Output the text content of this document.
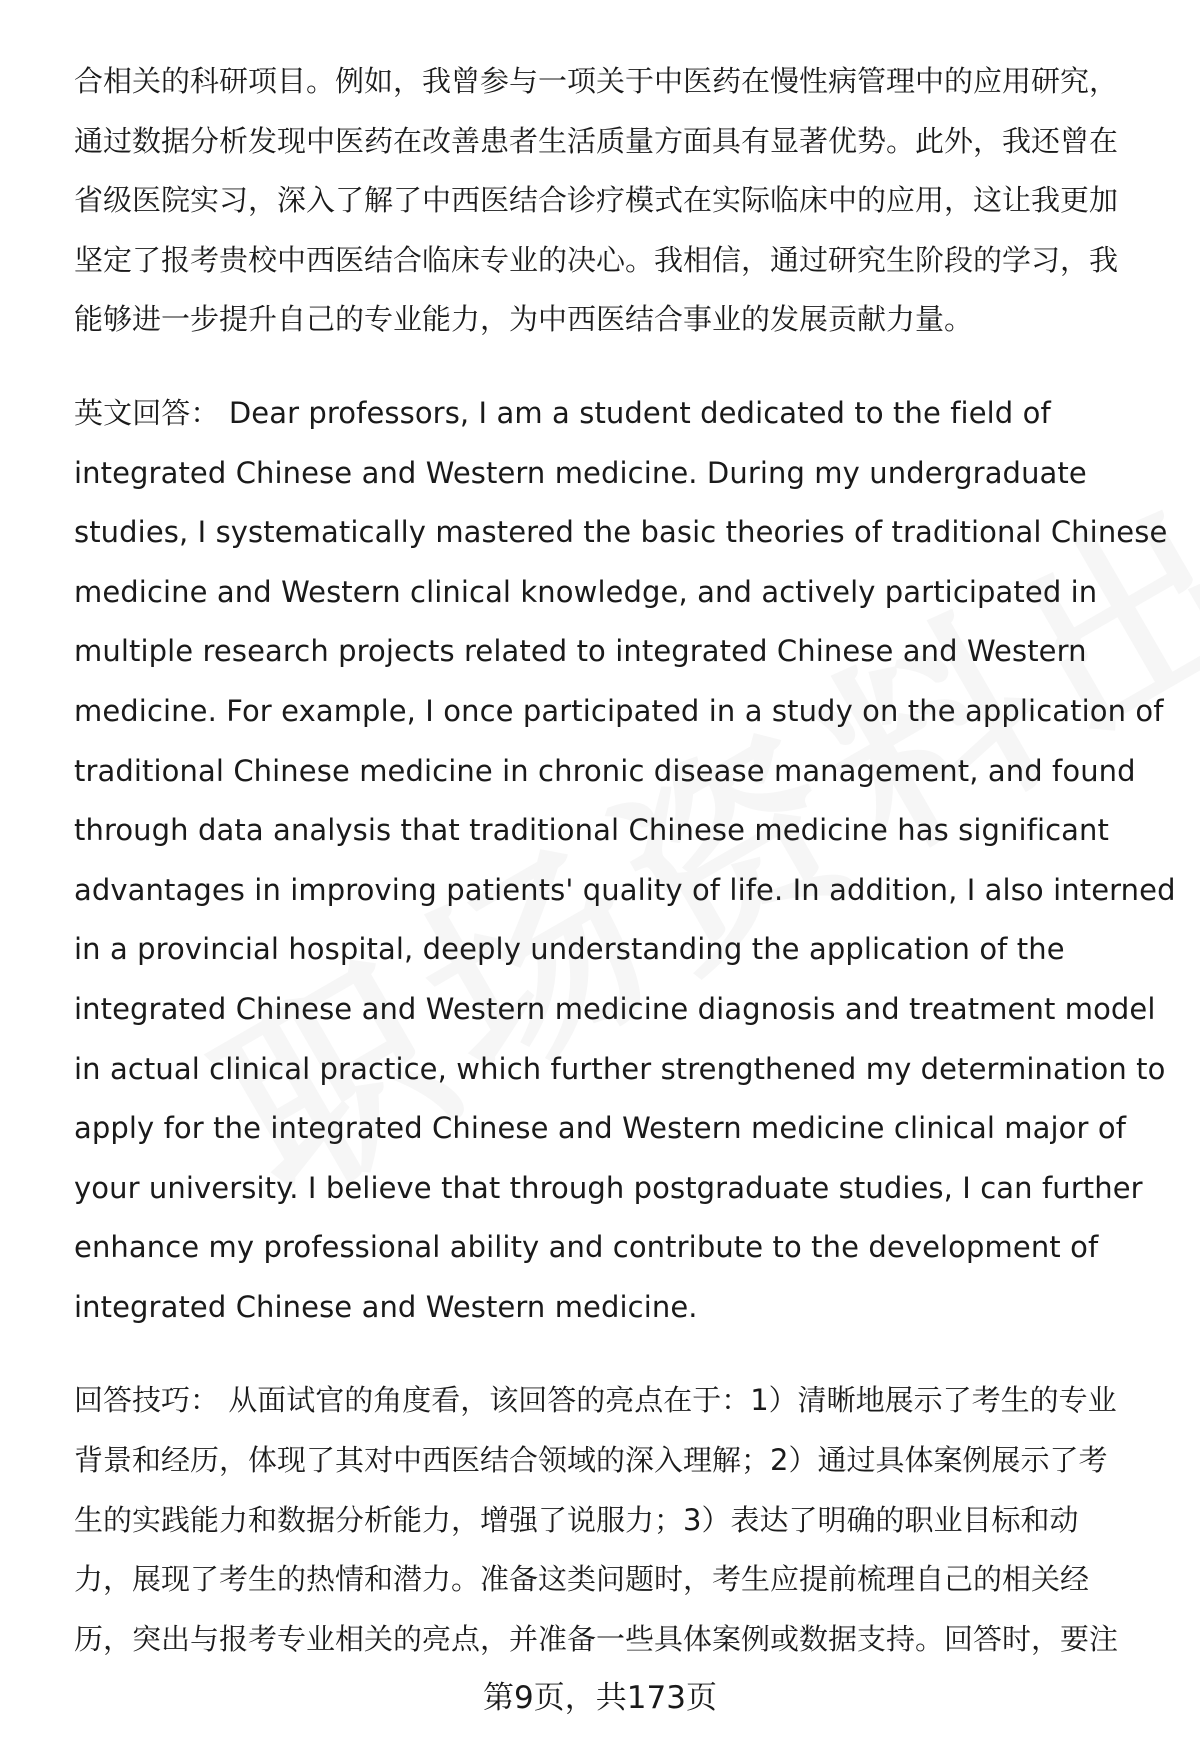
合相关的科研项目。例如，我曾参与一项关于中医药在慢性病管理中的应用研究，
通过数据分析发现中医药在改善患者生活质量方面具有显著优势。此外，我还曾在
省级医院实习，深入了解了中西医结合诊疗模式在实际临床中的应用，这让我更加
坚定了报考贵校中西医结合临床专业的决心。我相信，通过研究生阶段的学习，我
能够进一步提升自己的专业能力，为中西医结合事业的发展贡献力量。

英文回答： Dear professors, I am a student dedicated to the field of
integrated Chinese and Western medicine. During my undergraduate
studies, I systematically mastered the basic theories of traditional Chinese
medicine and Western clinical knowledge, and actively participated in
multiple research projects related to integrated Chinese and Western
medicine. For example, I once participated in a study on the application of
traditional Chinese medicine in chronic disease management, and found
through data analysis that traditional Chinese medicine has significant
advantages in improving patients' quality of life. In addition, I also interned
in a provincial hospital, deeply understanding the application of the
integrated Chinese and Western medicine diagnosis and treatment model
in actual clinical practice, which further strengthened my determination to
apply for the integrated Chinese and Western medicine clinical major of
your university. I believe that through postgraduate studies, I can further
enhance my professional ability and contribute to the development of
integrated Chinese and Western medicine.

回答技巧： 从面试官的角度看，该回答的亮点在于：1）清晰地展示了考生的专业
背景和经历，体现了其对中西医结合领域的深入理解；2）通过具体案例展示了考
生的实践能力和数据分析能力，增强了说服力；3）表达了明确的职业目标和动
力，展现了考生的热情和潜力。准备这类问题时，考生应提前梳理自己的相关经
历，突出与报考专业相关的亮点，并准备一些具体案例或数据支持。回答时，要注

第9页，共173页
